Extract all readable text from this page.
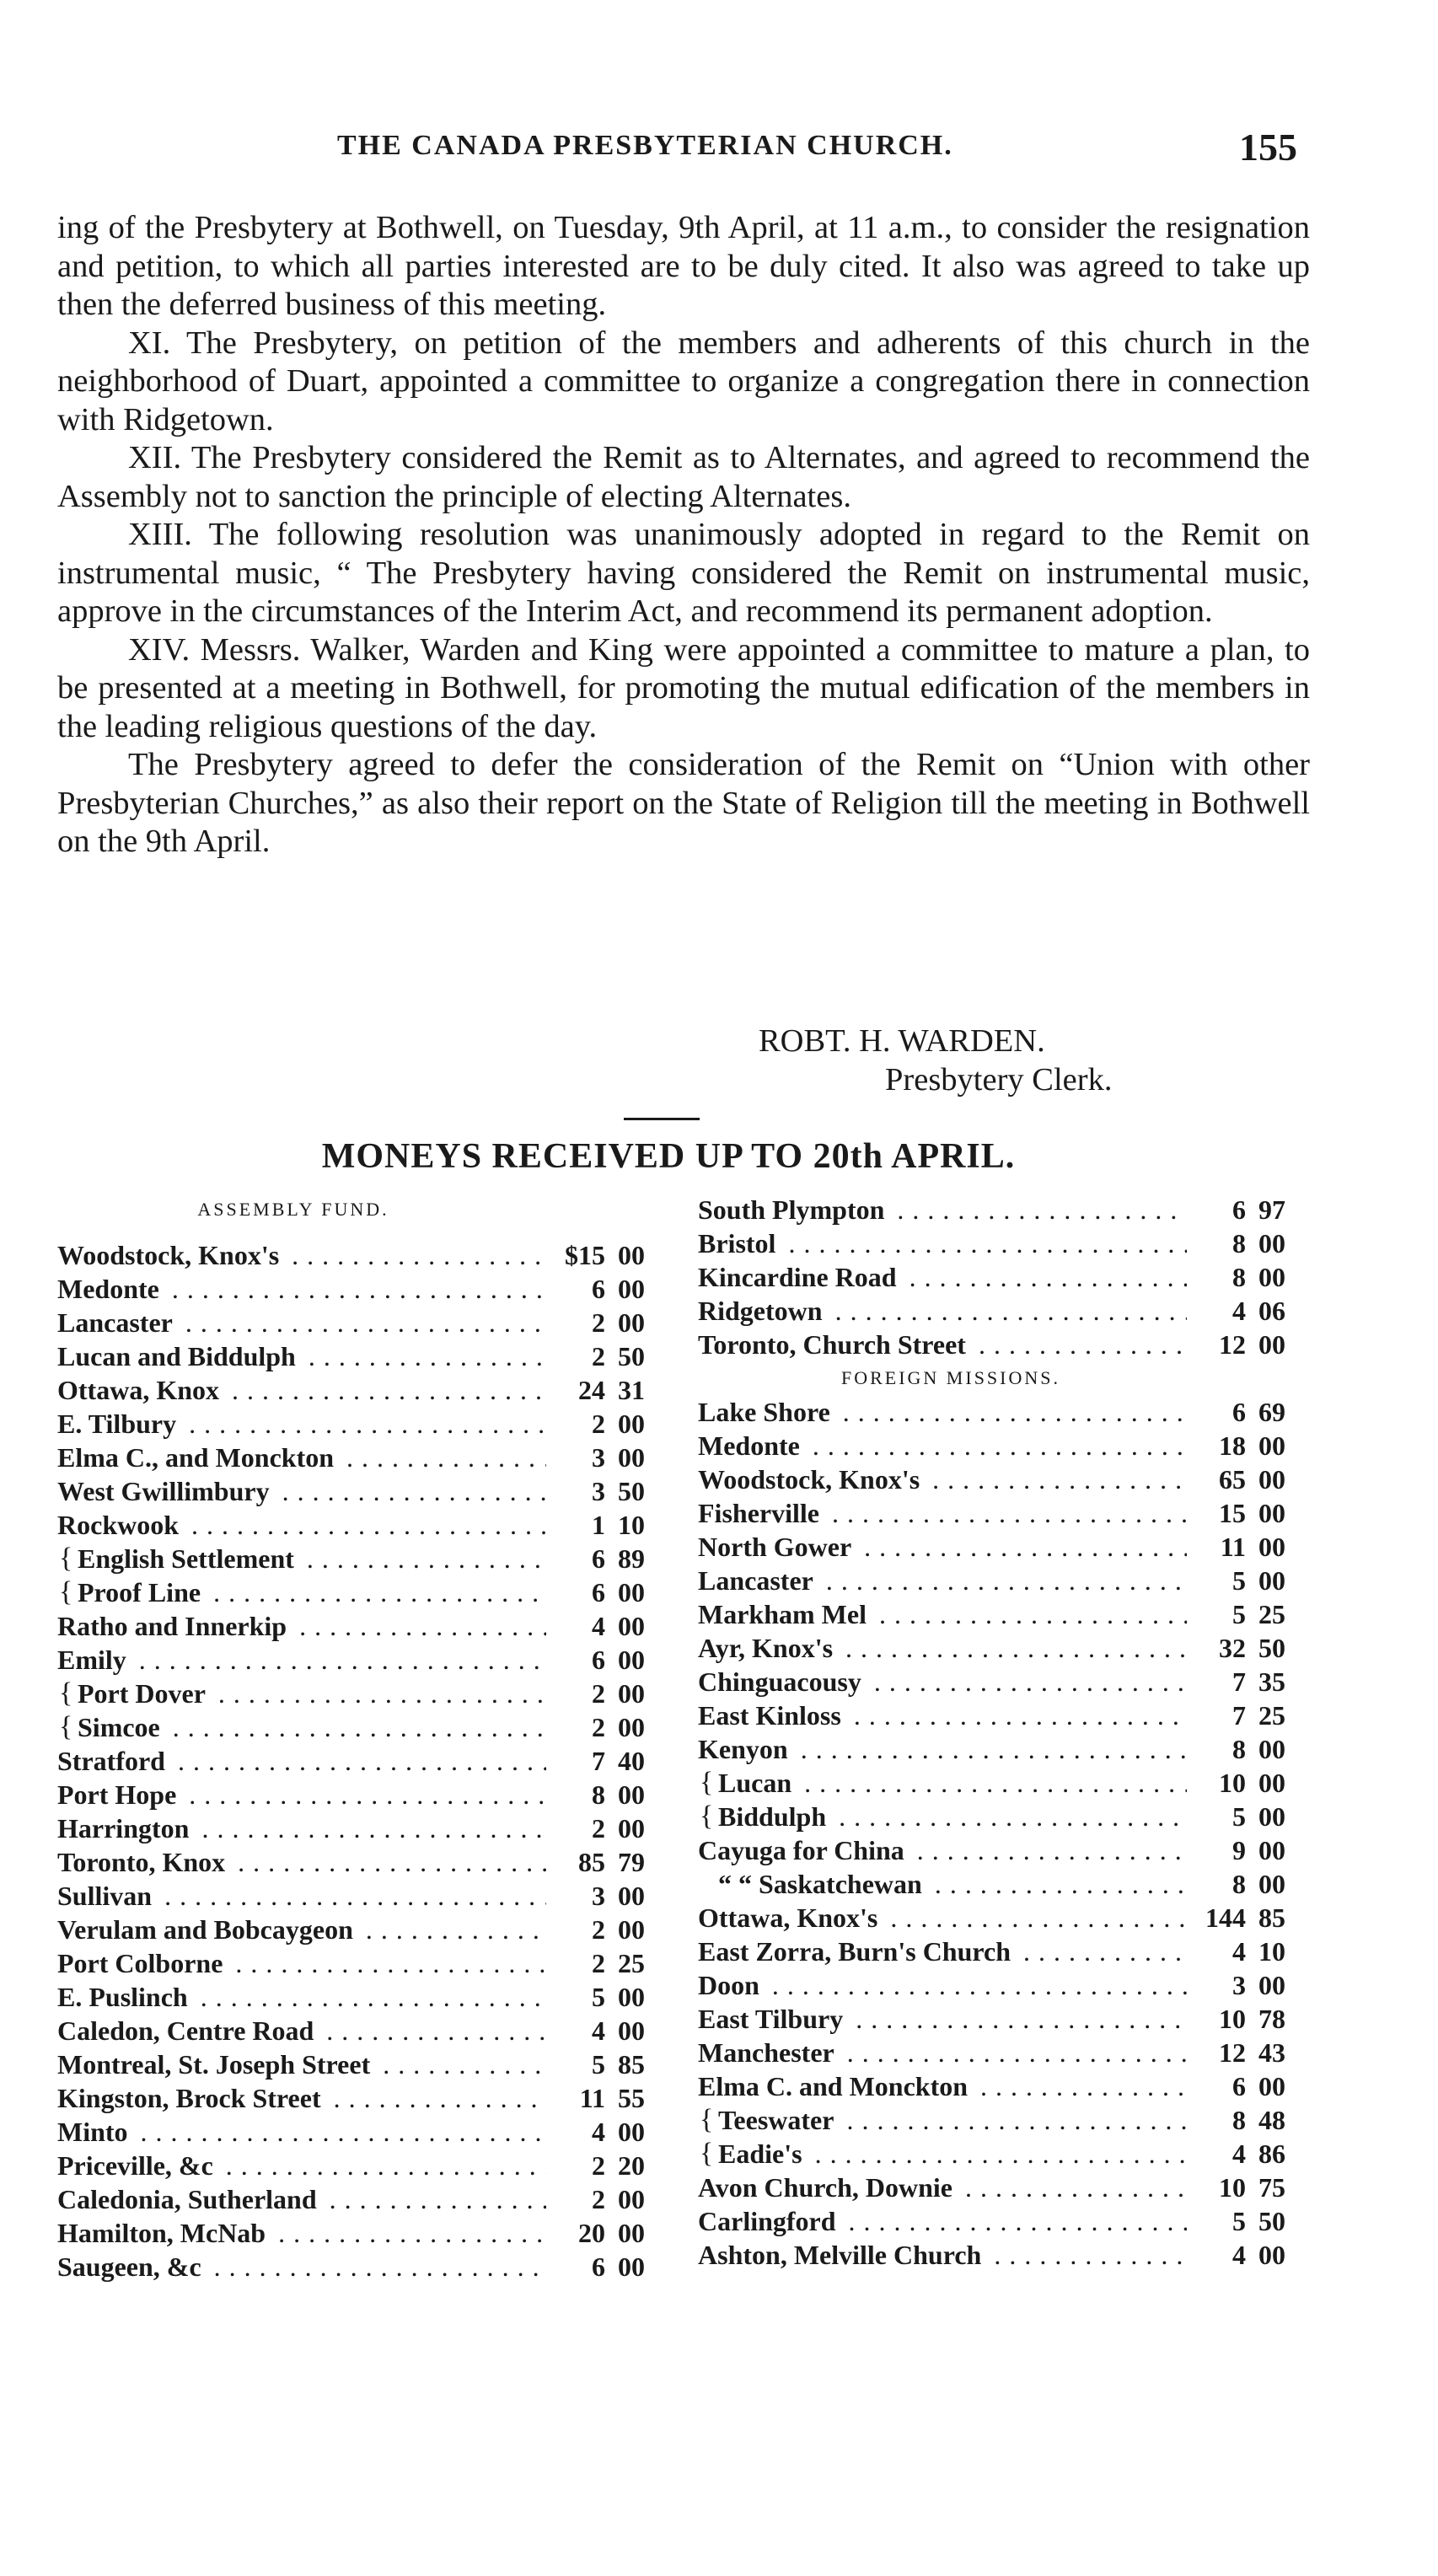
THE CANADA PRESBYTERIAN CHURCH.	155

ing of the Presbytery at Bothwell, on Tuesday, 9th April, at 11 a.m., to consider the resignation and petition, to which all parties interested are to be duly cited. It also was agreed to take up then the deferred business of this meeting.

XI. The Presbytery, on petition of the members and adherents of this church in the neighborhood of Duart, appointed a committee to organize a congregation there in connection with Ridgetown.

XII. The Presbytery considered the Remit as to Alternates, and agreed to recommend the Assembly not to sanction the principle of electing Alternates.

XIII. The following resolution was unanimously adopted in regard to the Remit on instrumental music, “ The Presbytery having considered the Remit on instrumental music, approve in the circumstances of the Interim Act, and recommend its permanent adoption.

XIV. Messrs. Walker, Warden and King were appointed a committee to mature a plan, to be presented at a meeting in Bothwell, for promoting the mutual edification of the members in the leading religious questions of the day.

The Presbytery agreed to defer the consideration of the Remit on “Union with other Presbyterian Churches,” as also their report on the State of Religion till the meeting in Bothwell on the 9th April.

ROBT. H. WARDEN.
Presbytery Clerk.
MONEYS RECEIVED UP TO 20th APRIL.
ASSEMBLY FUND.
Woodstock, Knox's . . .	$15 00
Medonte . . .	6 00
Lancaster . . .	2 00
Lucan and Biddulph . . .	2 50
Ottawa, Knox . . .	24 31
E. Tilbury . . .	2 00
Elma C., and Monckton . . .	3 00
West Gwillimbury . . .	3 50
Rockwook . . .	1 10
{ English Settlement . . .	6 89
{ Proof Line . . .	6 00
Ratho and Innerkip . . .	4 00
Emily . . .	6 00
{ Port Dover . . .	2 00
{ Simcoe . . .	2 00
Stratford . . .	7 40
Port Hope . . .	8 00
Harrington . . .	2 00
Toronto, Knox . . .	85 79
Sullivan . . .	3 00
Verulam and Bobcaygeon . . .	2 00
Port Colborne . . .	2 25
E. Puslinch . . .	5 00
Caledon, Centre Road . . .	4 00
Montreal, St. Joseph Street . . .	5 85
Kingston, Brock Street . . .	11 55
Minto . . .	4 00
Priceville, &c . . .	2 20
Caledonia, Sutherland . . .	2 00
Hamilton, McNab . . .	20 00
Saugeen, &c . . .	6 00
South Plympton . . .	6 97
Bristol . . .	8 00
Kincardine Road . . .	8 00
Ridgetown . . .	4 06
Toronto, Church Street . . .	12 00
FOREIGN MISSIONS.
Lake Shore . . .	6 69
Medonte . . .	18 00
Woodstock, Knox's . . .	65 00
Fisherville . . .	15 00
North Gower . . .	11 00
Lancaster . . .	5 00
Markham Mel . . .	5 25
Ayr, Knox's . . .	32 50
Chinguacousy . . .	7 35
East Kinloss . . .	7 25
Kenyon . . .	8 00
{ Lucan . . .	10 00
{ Biddulph . . .	5 00
Cayuga for China . . .	9 00
“ “ Saskatchewan . . .	8 00
Ottawa, Knox's . . .	144 85
East Zorra, Burn's Church . . .	4 10
Doon . . .	3 00
East Tilbury . . .	10 78
Manchester . . .	12 43
Elma C. and Monckton . . .	6 00
{ Teeswater . . .	8 48
{ Eadie's . . .	4 86
Avon Church, Downie . . .	10 75
Carlingford . . .	5 50
Ashton, Melville Church . . .	4 00
